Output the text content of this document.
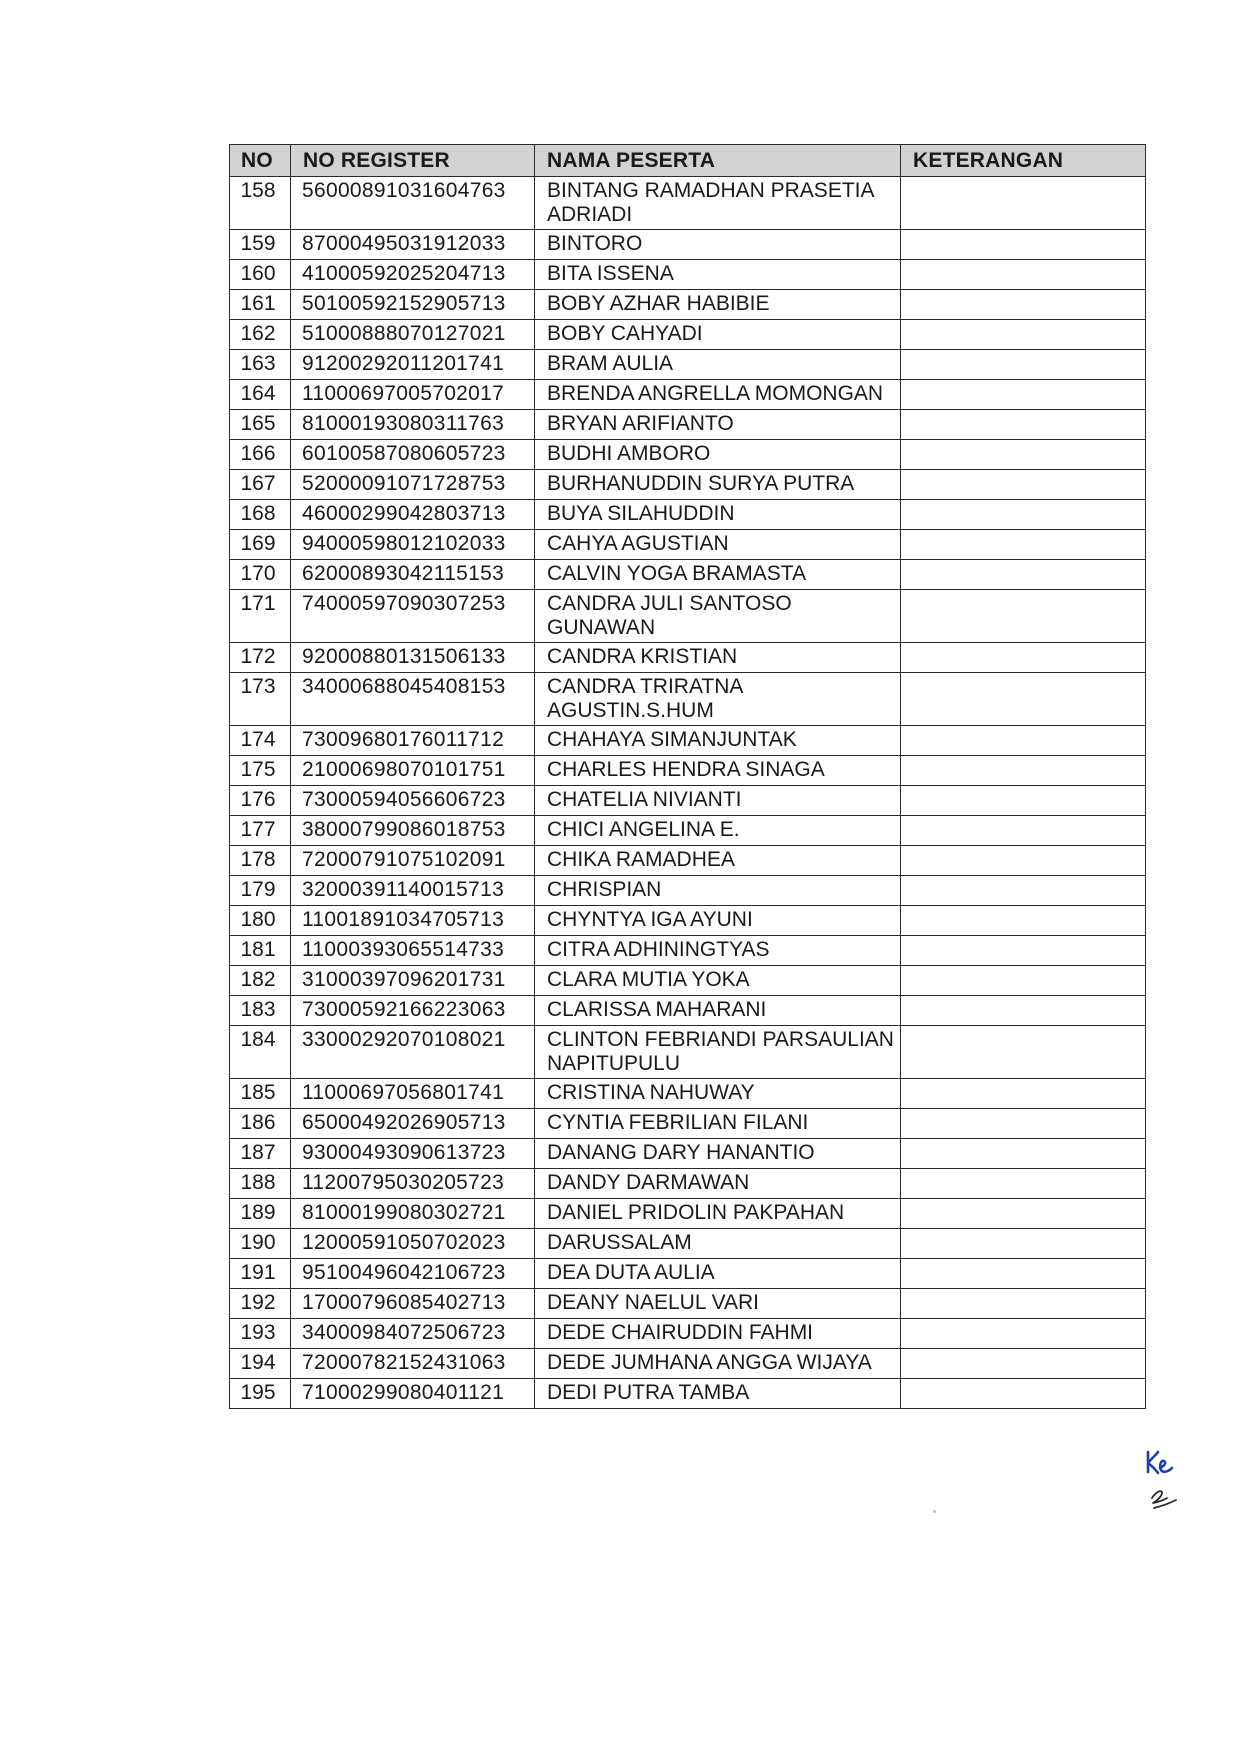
NO	NO REGISTER	NAMA PESERTA	KETERANGAN
158	56000891031604763	BINTANG RAMADHAN PRASETIA ADRIADI	
159	87000495031912033	BINTORO	
160	41000592025204713	BITA ISSENA	
161	50100592152905713	BOBY AZHAR HABIBIE	
162	51000888070127021	BOBY CAHYADI	
163	91200292011201741	BRAM AULIA	
164	11000697005702017	BRENDA ANGRELLA MOMONGAN	
165	81000193080311763	BRYAN ARIFIANTO	
166	60100587080605723	BUDHI AMBORO	
167	52000091071728753	BURHANUDDIN SURYA PUTRA	
168	46000299042803713	BUYA SILAHUDDIN	
169	94000598012102033	CAHYA AGUSTIAN	
170	62000893042115153	CALVIN YOGA BRAMASTA	
171	74000597090307253	CANDRA JULI SANTOSO GUNAWAN	
172	92000880131506133	CANDRA KRISTIAN	
173	34000688045408153	CANDRA TRIRATNA AGUSTIN.S.HUM	
174	73009680176011712	CHAHAYA SIMANJUNTAK	
175	21000698070101751	CHARLES HENDRA SINAGA	
176	73000594056606723	CHATELIA NIVIANTI	
177	38000799086018753	CHICI ANGELINA E.	
178	72000791075102091	CHIKA RAMADHEA	
179	32000391140015713	CHRISPIAN	
180	11001891034705713	CHYNTYA IGA AYUNI	
181	11000393065514733	CITRA ADHININGTYAS	
182	31000397096201731	CLARA MUTIA YOKA	
183	73000592166223063	CLARISSA MAHARANI	
184	33000292070108021	CLINTON FEBRIANDI PARSAULIAN NAPITUPULU	
185	11000697056801741	CRISTINA NAHUWAY	
186	65000492026905713	CYNTIA FEBRILIAN FILANI	
187	93000493090613723	DANANG DARY HANANTIO	
188	11200795030205723	DANDY DARMAWAN	
189	81000199080302721	DANIEL PRIDOLIN PAKPAHAN	
190	12000591050702023	DARUSSALAM	
191	95100496042106723	DEA DUTA AULIA	
192	17000796085402713	DEANY NAELUL VARI	
193	34000984072506723	DEDE CHAIRUDDIN FAHMI	
194	72000782152431063	DEDE JUMHANA ANGGA WIJAYA	
195	71000299080401121	DEDI PUTRA TAMBA	
